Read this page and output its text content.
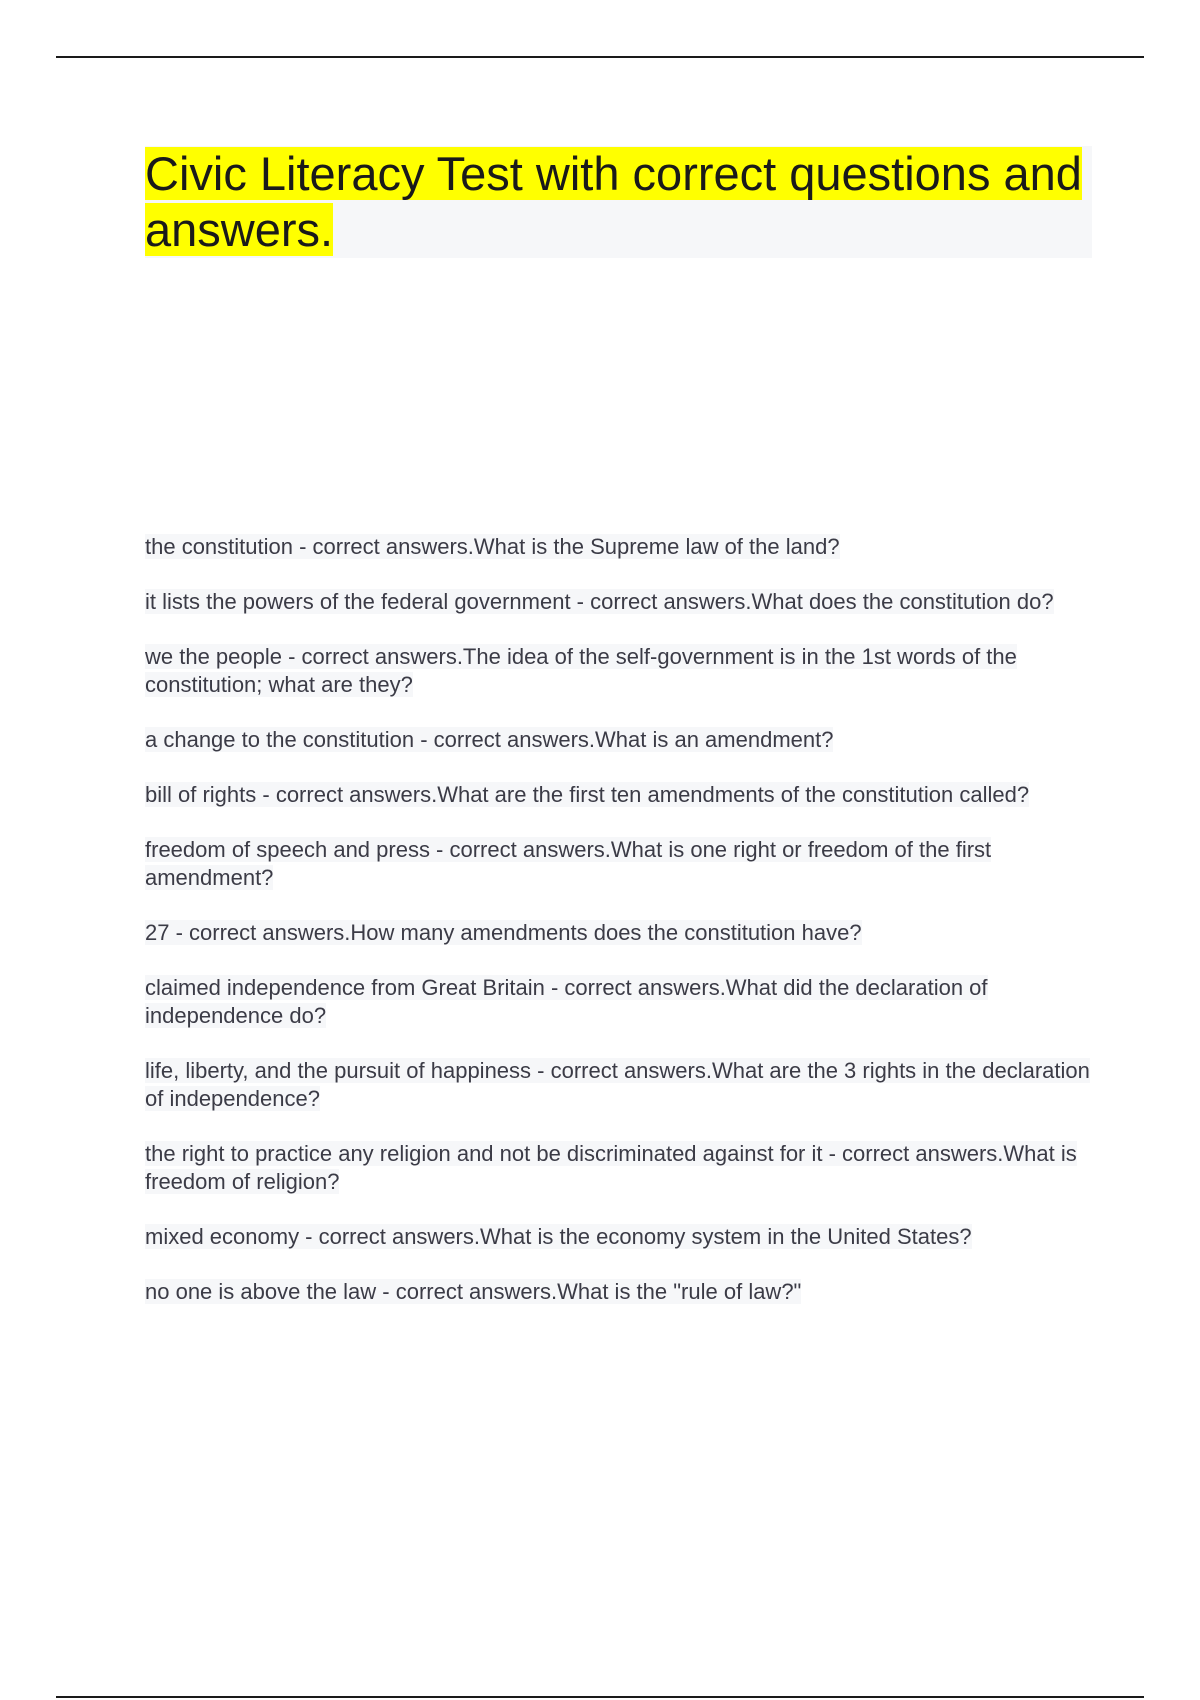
Civic Literacy Test with correct questions and answers.
the constitution - correct answers.What is the Supreme law of the land?
it lists the powers of the federal government - correct answers.What does the constitution do?
we the people - correct answers.The idea of the self-government is in the 1st words of the constitution; what are they?
a change to the constitution - correct answers.What is an amendment?
bill of rights - correct answers.What are the first ten amendments of the constitution called?
freedom of speech and press - correct answers.What is one right or freedom of the first amendment?
27 - correct answers.How many amendments does the constitution have?
claimed independence from Great Britain - correct answers.What did the declaration of independence do?
life, liberty, and the pursuit of happiness - correct answers.What are the 3 rights in the declaration of independence?
the right to practice any religion and not be discriminated against for it - correct answers.What is freedom of religion?
mixed economy - correct answers.What is the economy system in the United States?
no one is above the law - correct answers.What is the "rule of law?"
